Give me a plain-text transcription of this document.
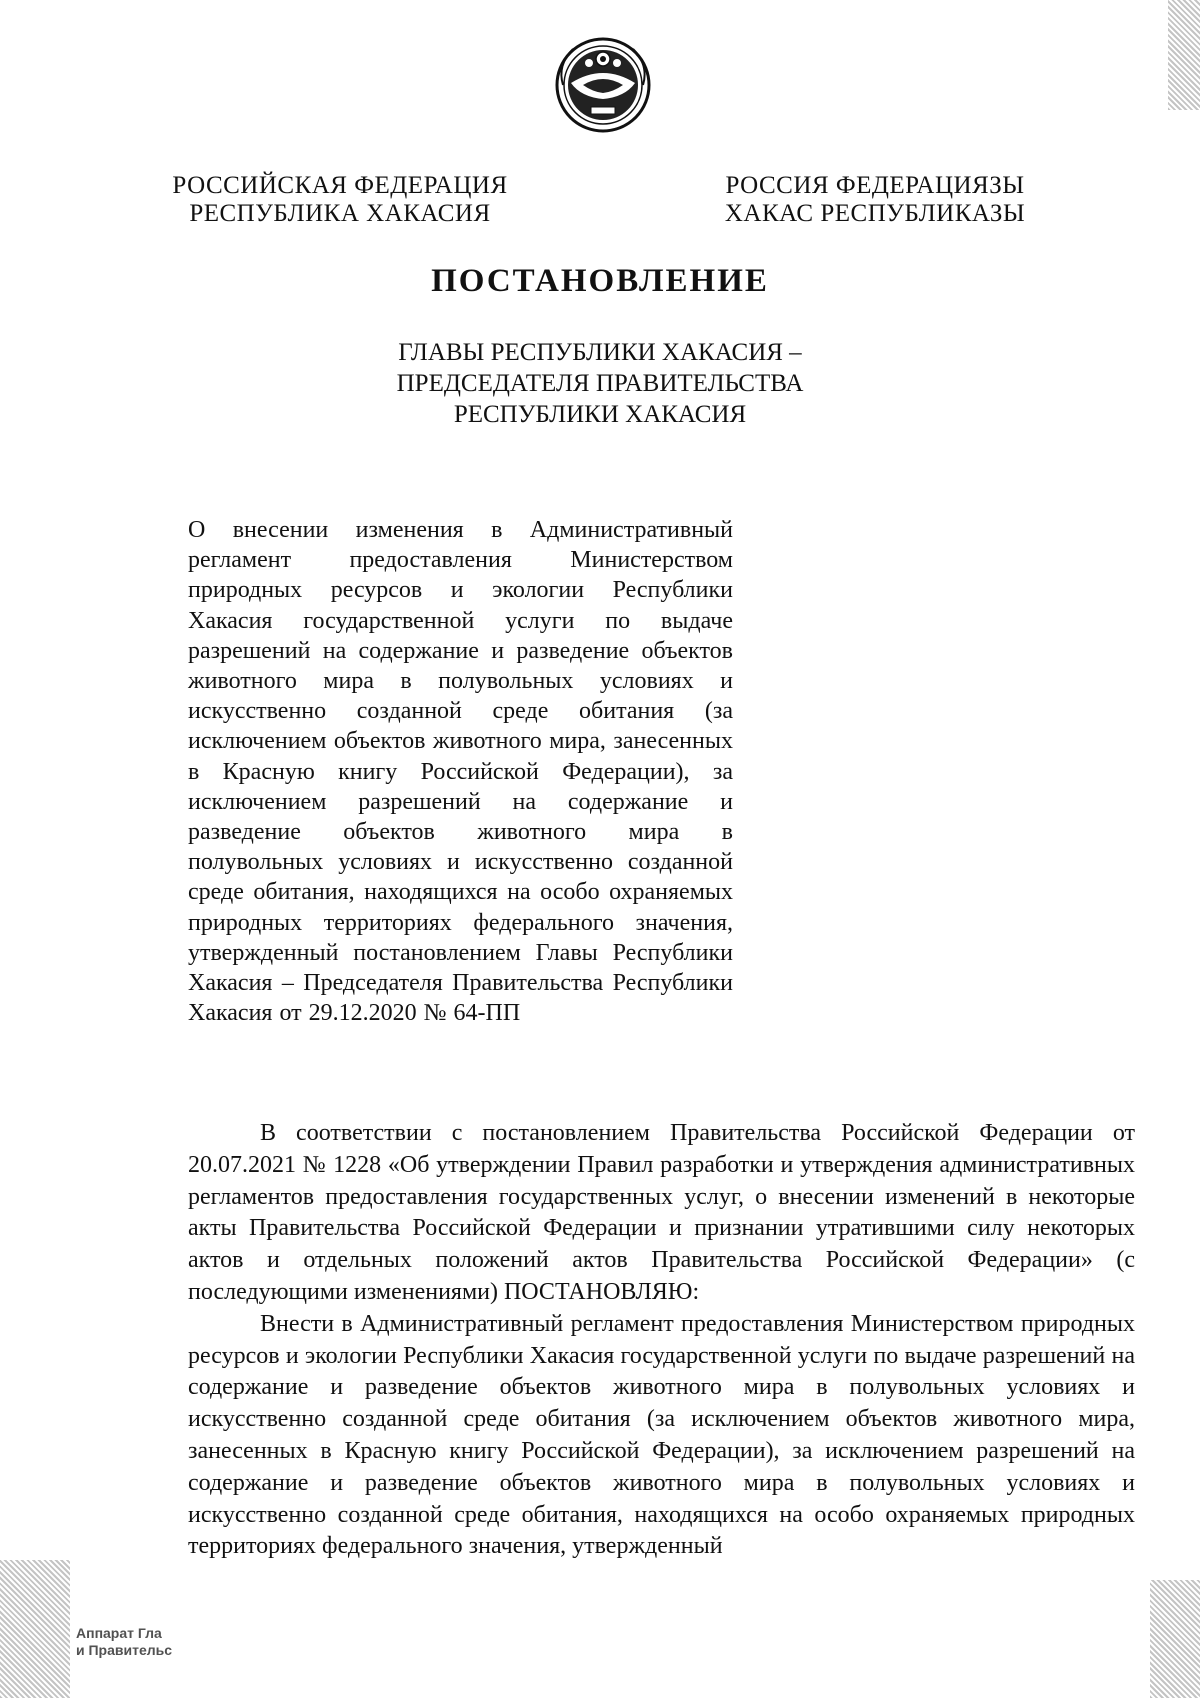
РОССИЙСКАЯ ФЕДЕРАЦИЯ
РЕСПУБЛИКА ХАКАСИЯ
РОССИЯ ФЕДЕРАЦИЯЗЫ
ХАКАС РЕСПУБЛИКАЗЫ
ПОСТАНОВЛЕНИЕ
ГЛАВЫ РЕСПУБЛИКИ ХАКАСИЯ –
ПРЕДСЕДАТЕЛЯ ПРАВИТЕЛЬСТВА
РЕСПУБЛИКИ ХАКАСИЯ
О внесении изменения в Административный регламент предоставления Министерством природных ресурсов и экологии Республики Хакасия государственной услуги по выдаче разрешений на содержание и разведение объектов животного мира в полувольных условиях и искусственно созданной среде обитания (за исключением объектов животного мира, занесенных в Красную книгу Российской Федерации), за исключением разрешений на содержание и разведение объектов животного мира в полувольных условиях и искусственно созданной среде обитания, находящихся на особо охраняемых природных территориях федерального значения, утвержденный постановлением Главы Республики Хакасия – Председателя Правительства Республики Хакасия от 29.12.2020 № 64-ПП

В соответствии с постановлением Правительства Российской Федерации от 20.07.2021 № 1228 «Об утверждении Правил разработки и утверждения административных регламентов предоставления государственных услуг, о внесении изменений в некоторые акты Правительства Российской Федерации и признании утратившими силу некоторых актов и отдельных положений актов Правительства Российской Федерации» (с последующими изменениями) ПОСТАНОВЛЯЮ:

Внести в Административный регламент предоставления Министерством природных ресурсов и экологии Республики Хакасия государственной услуги по выдаче разрешений на содержание и разведение объектов животного мира в полувольных условиях и искусственно созданной среде обитания (за исключением объектов животного мира, занесенных в Красную книгу Российской Федерации), за исключением разрешений на содержание и разведение объектов животного мира в полувольных условиях и искусственно созданной среде обитания, находящихся на особо охраняемых природных территориях федерального значения, утвержденный

Аппарат Гла
и Правительс
